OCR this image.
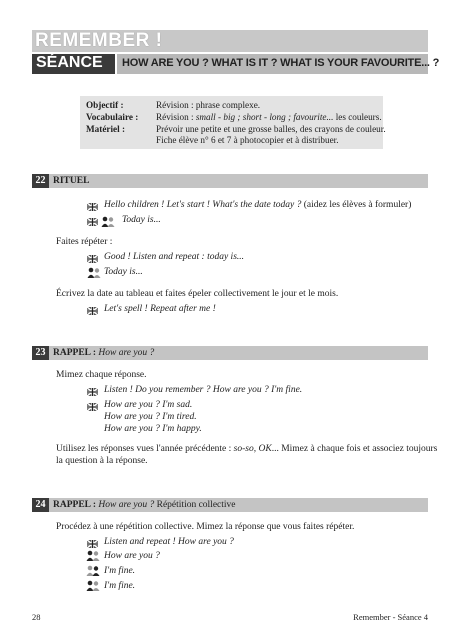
REMEMBER !
SÉANCE 4
HOW ARE YOU ? WHAT IS IT ? WHAT IS YOUR FAVOURITE... ?
Objectif :	Révision : phrase complexe.
Vocabulaire : Révision : small - big ; short - long ; favourite... les couleurs.
Matériel :	Prévoir une petite et une grosse balles, des crayons de couleur.
Fiche élève n° 6 et 7 à photocopier et à distribuer.
22 RITUEL
Hello children ! Let's start ! What's the date today ? (aidez les élèves à formuler)
Today is...
Faites répéter :
Good ! Listen and repeat : today is...
Today is...
Écrivez la date au tableau et faites épeler collectivement le jour et le mois.
Let's spell ! Repeat after me !
23 RAPPEL : How are you ?
Mimez chaque réponse.
Listen ! Do you remember ? How are you ? I'm fine.
How are you ? I'm sad.
How are you ? I'm tired.
How are you ? I'm happy.
Utilisez les réponses vues l'année précédente : so-so, OK... Mimez à chaque fois et associez toujours
la question à la réponse.
24 RAPPEL : How are you ? Répétition collective
Procédez à une répétition collective. Mimez la réponse que vous faites répéter.
Listen and repeat ! How are you ?
How are you ?
I'm fine.
I'm fine.
28	Remember - Séance 4
